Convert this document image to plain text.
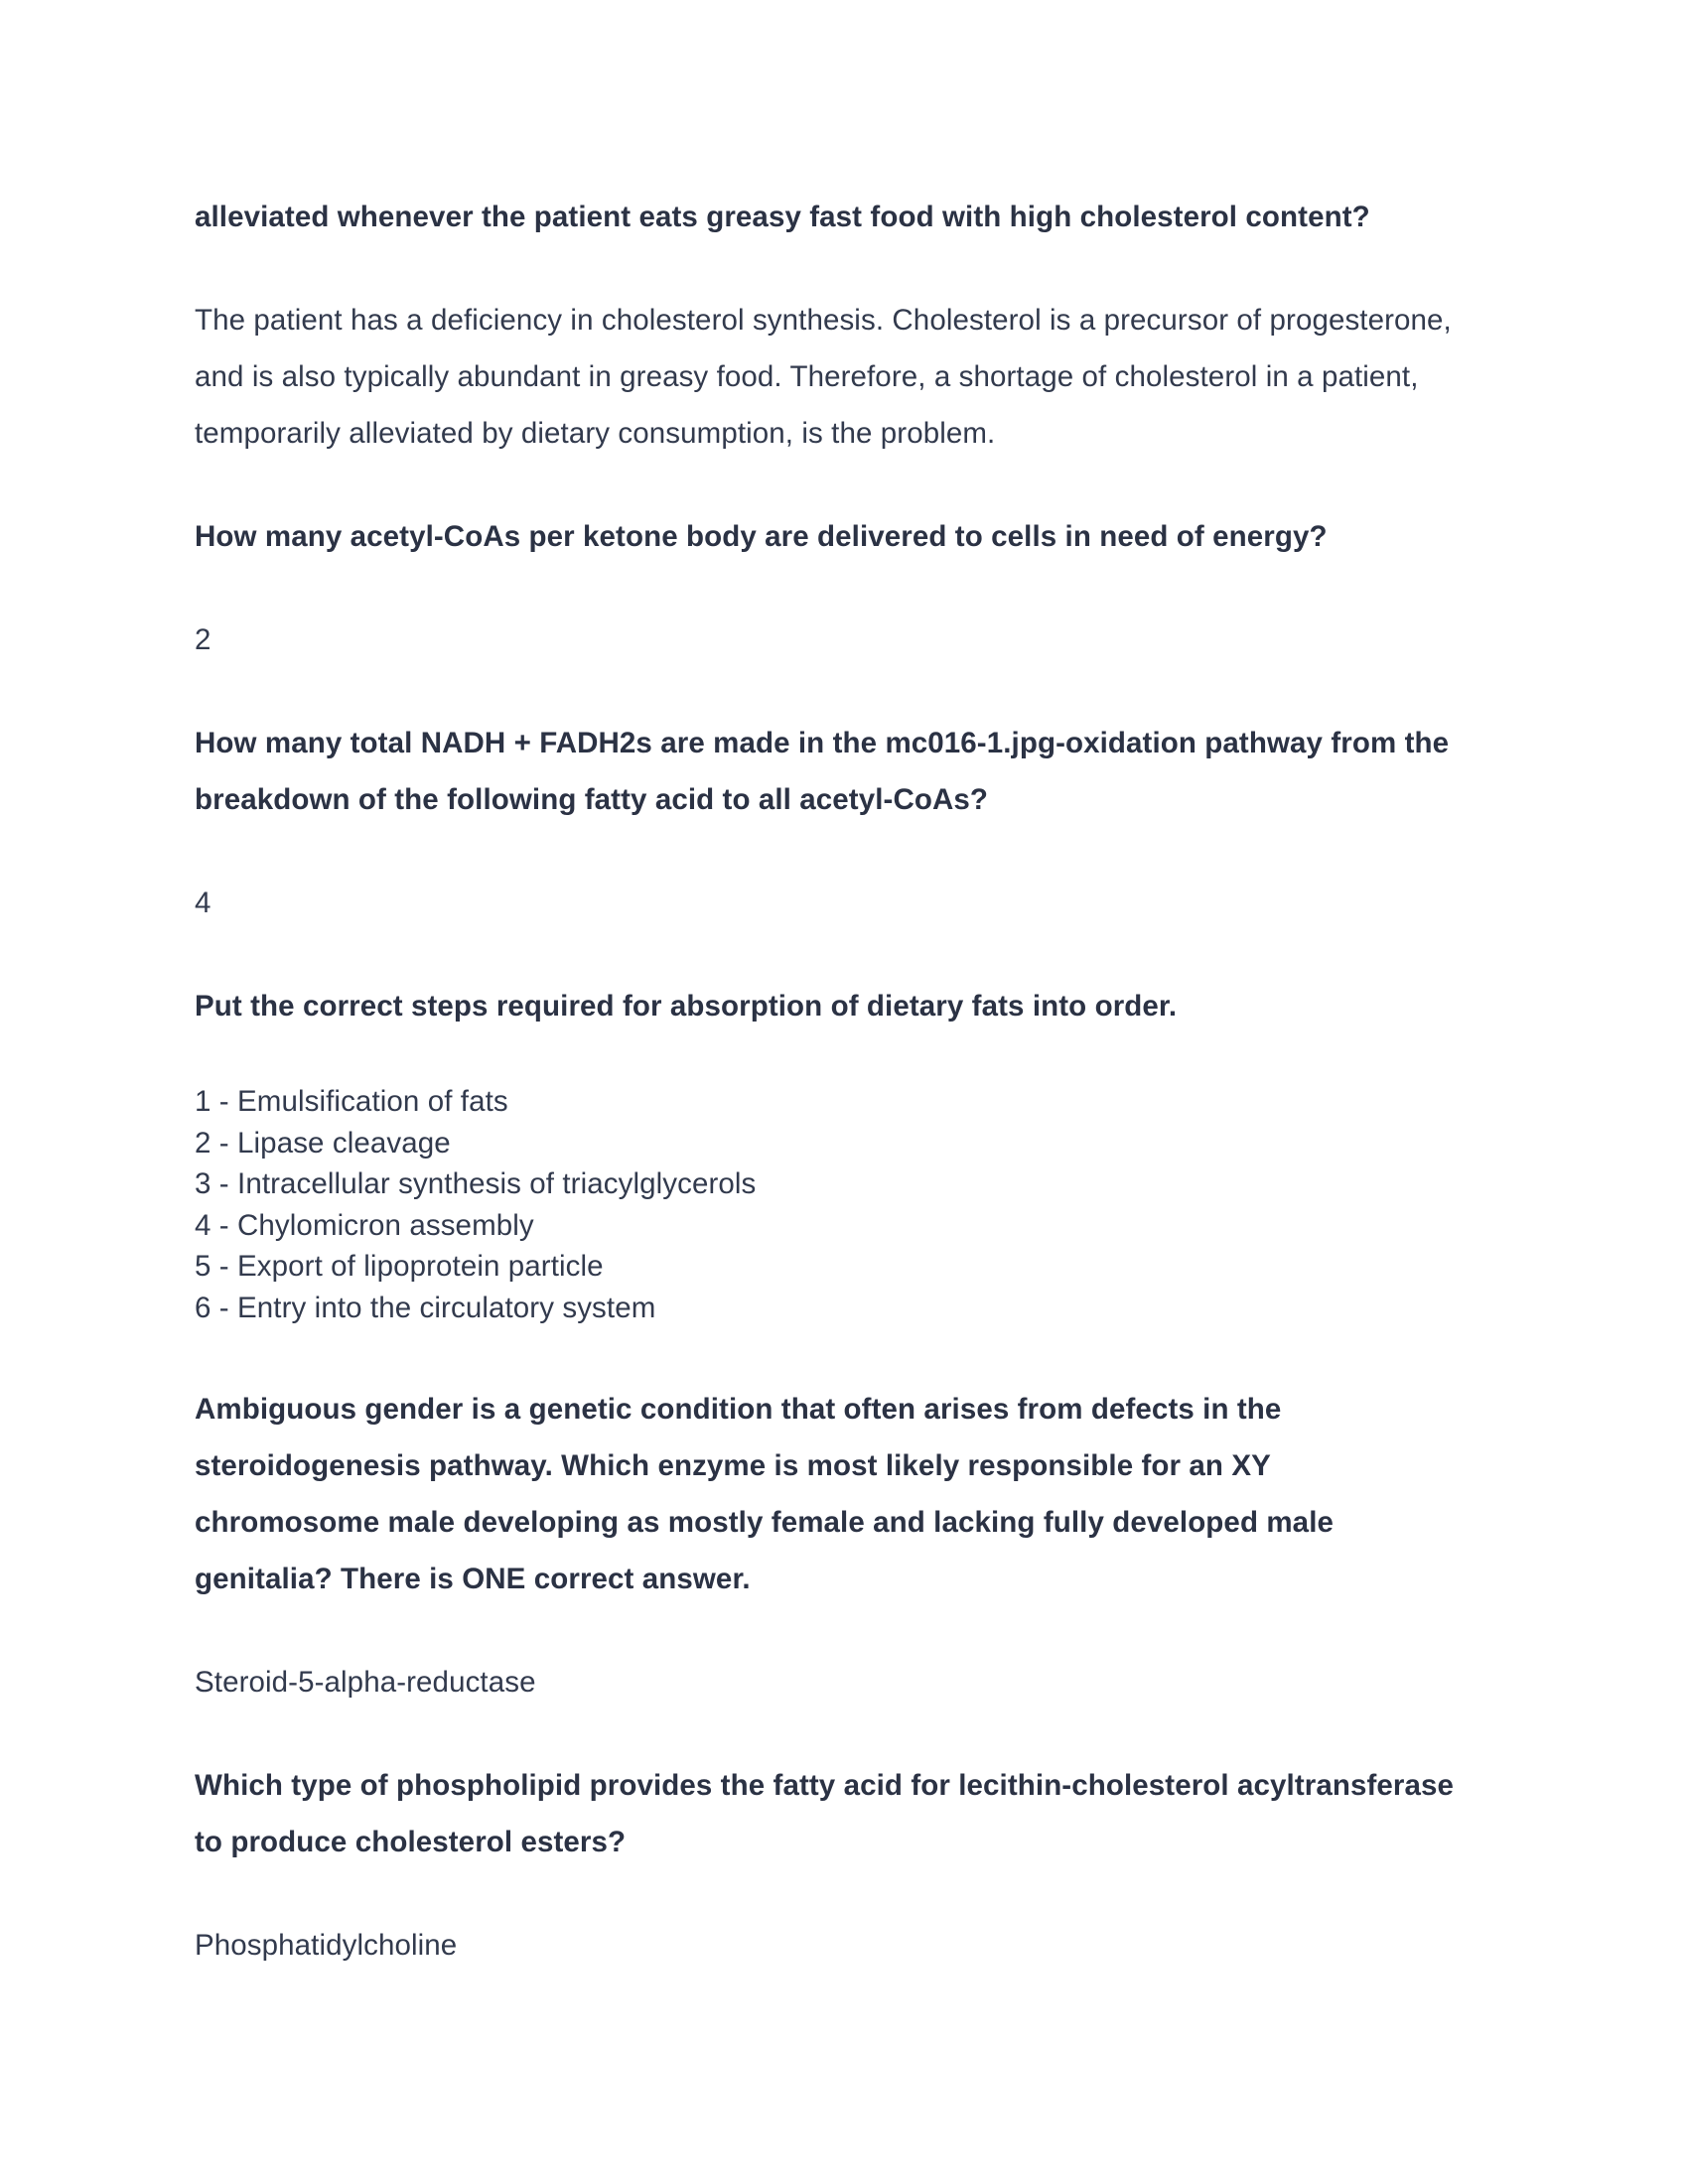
alleviated whenever the patient eats greasy fast food with high cholesterol content?

The patient has a deficiency in cholesterol synthesis. Cholesterol is a precursor of progesterone, and is also typically abundant in greasy food. Therefore, a shortage of cholesterol in a patient, temporarily alleviated by dietary consumption, is the problem.

How many acetyl-CoAs per ketone body are delivered to cells in need of energy?

2

How many total NADH + FADH2s are made in the mc016-1.jpg-oxidation pathway from the breakdown of the following fatty acid to all acetyl-CoAs?

4

Put the correct steps required for absorption of dietary fats into order.

1 - Emulsification of fats
2 - Lipase cleavage
3 - Intracellular synthesis of triacylglycerols
4 - Chylomicron assembly
5 - Export of lipoprotein particle
6 - Entry into the circulatory system

Ambiguous gender is a genetic condition that often arises from defects in the steroidogenesis pathway. Which enzyme is most likely responsible for an XY chromosome male developing as mostly female and lacking fully developed male genitalia? There is ONE correct answer.

Steroid-5-alpha-reductase

Which type of phospholipid provides the fatty acid for lecithin-cholesterol acyltransferase to produce cholesterol esters?

Phosphatidylcholine
